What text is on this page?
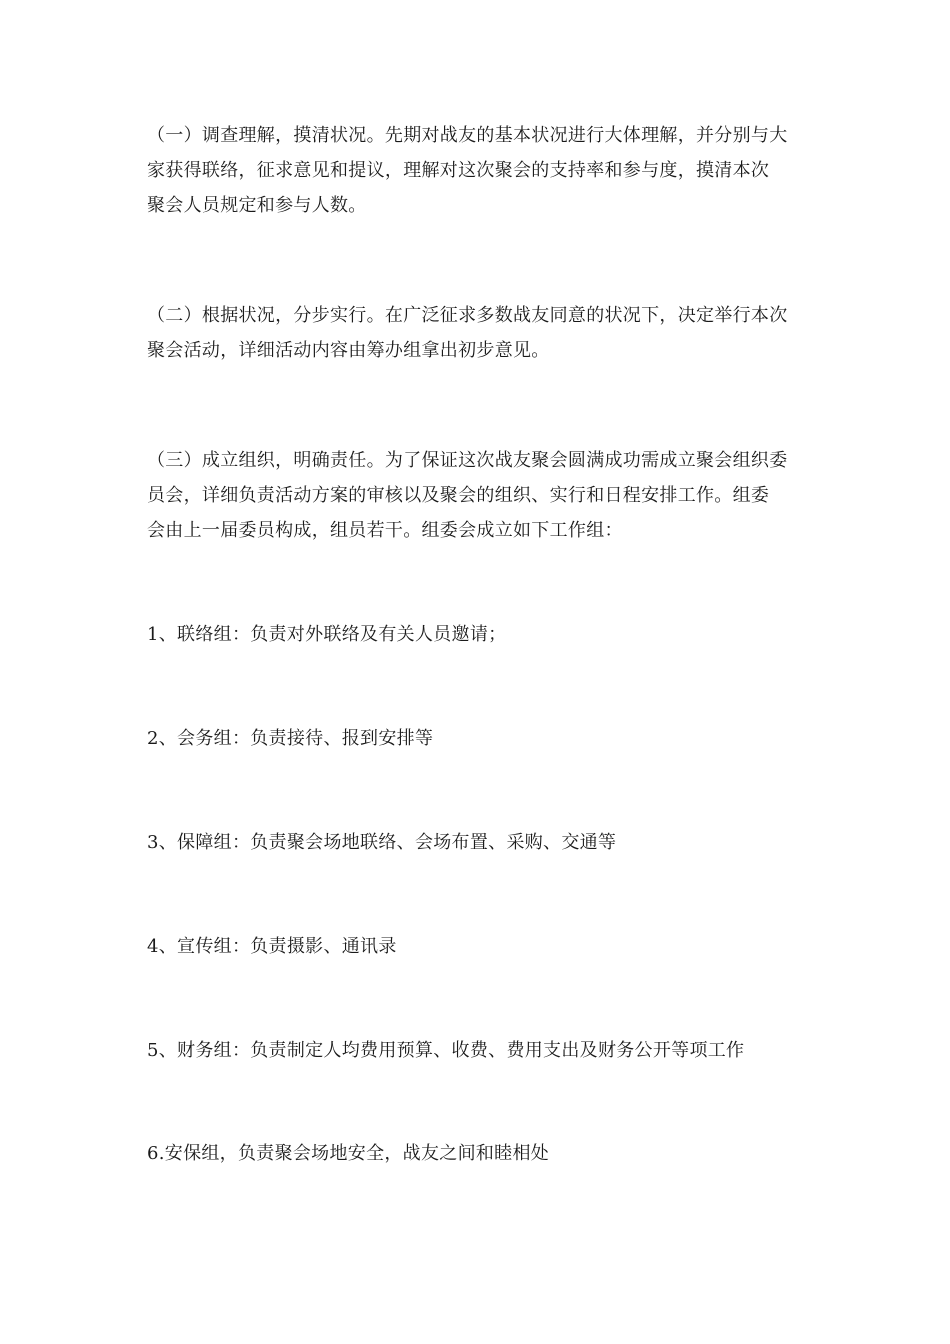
（一）调查理解，摸清状况。先期对战友的基本状况进行大体理解，并分别与大
家获得联络，征求意见和提议，理解对这次聚会的支持率和参与度，摸清本次
聚会人员规定和参与人数。

（二）根据状况，分步实行。在广泛征求多数战友同意的状况下，决定举行本次
聚会活动，详细活动内容由筹办组拿出初步意见。

（三）成立组织，明确责任。为了保证这次战友聚会圆满成功需成立聚会组织委
员会，详细负责活动方案的审核以及聚会的组织、实行和日程安排工作。组委
会由上一届委员构成，组员若干。组委会成立如下工作组：

1、联络组：负责对外联络及有关人员邀请；

2、会务组：负责接待、报到安排等

3、保障组：负责聚会场地联络、会场布置、采购、交通等

4、宣传组：负责摄影、通讯录

5、财务组：负责制定人均费用预算、收费、费用支出及财务公开等项工作

6.安保组，负责聚会场地安全，战友之间和睦相处
